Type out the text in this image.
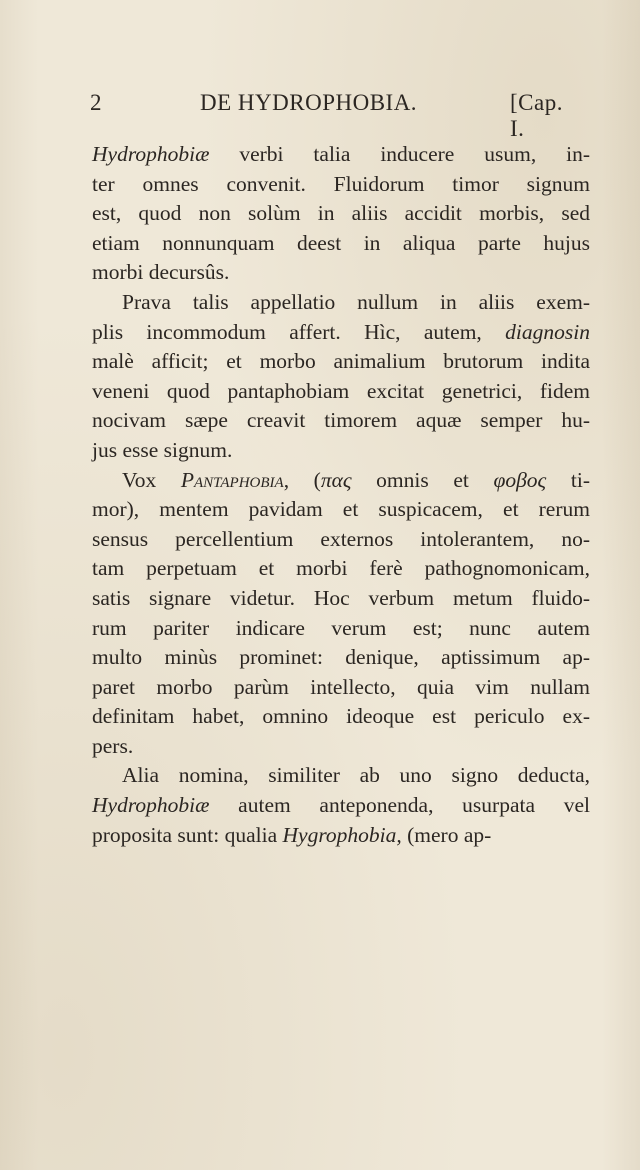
2	DE HYDROPHOBIA.	[Cap. I.
Hydrophobiæ verbi talia inducere usum, in-
ter omnes convenit. Fluidorum timor signum
est, quod non solùm in aliis accidit morbis, sed
etiam nonnunquam deest in aliqua parte hujus
morbi decursûs.
Prava talis appellatio nullum in aliis exem-
plis incommodum affert. Hìc, autem, diagnosin
malè afficit; et morbo animalium brutorum indita
veneni quod pantaphobiam excitat genetrici, fidem
nocivam sæpe creavit timorem aquæ semper hu-
jus esse signum.
Vox Pantaphobia, (πας omnis et φοβος ti-
mor), mentem pavidam et suspicacem, et rerum
sensus percellentium externos intolerantem, no-
tam perpetuam et morbi ferè pathognomonicam,
satis signare videtur. Hoc verbum metum fluido-
rum pariter indicare verum est; nunc autem
multo minùs prominet: denique, aptissimum ap-
paret morbo parùm intellecto, quia vim nullam
definitam habet, omnino ideoque est periculo ex-
pers.
Alia nomina, similiter ab uno signo deducta,
Hydrophobiæ autem anteponenda, usurpata vel
proposita sunt: qualia Hygrophobia, (mero ap-
